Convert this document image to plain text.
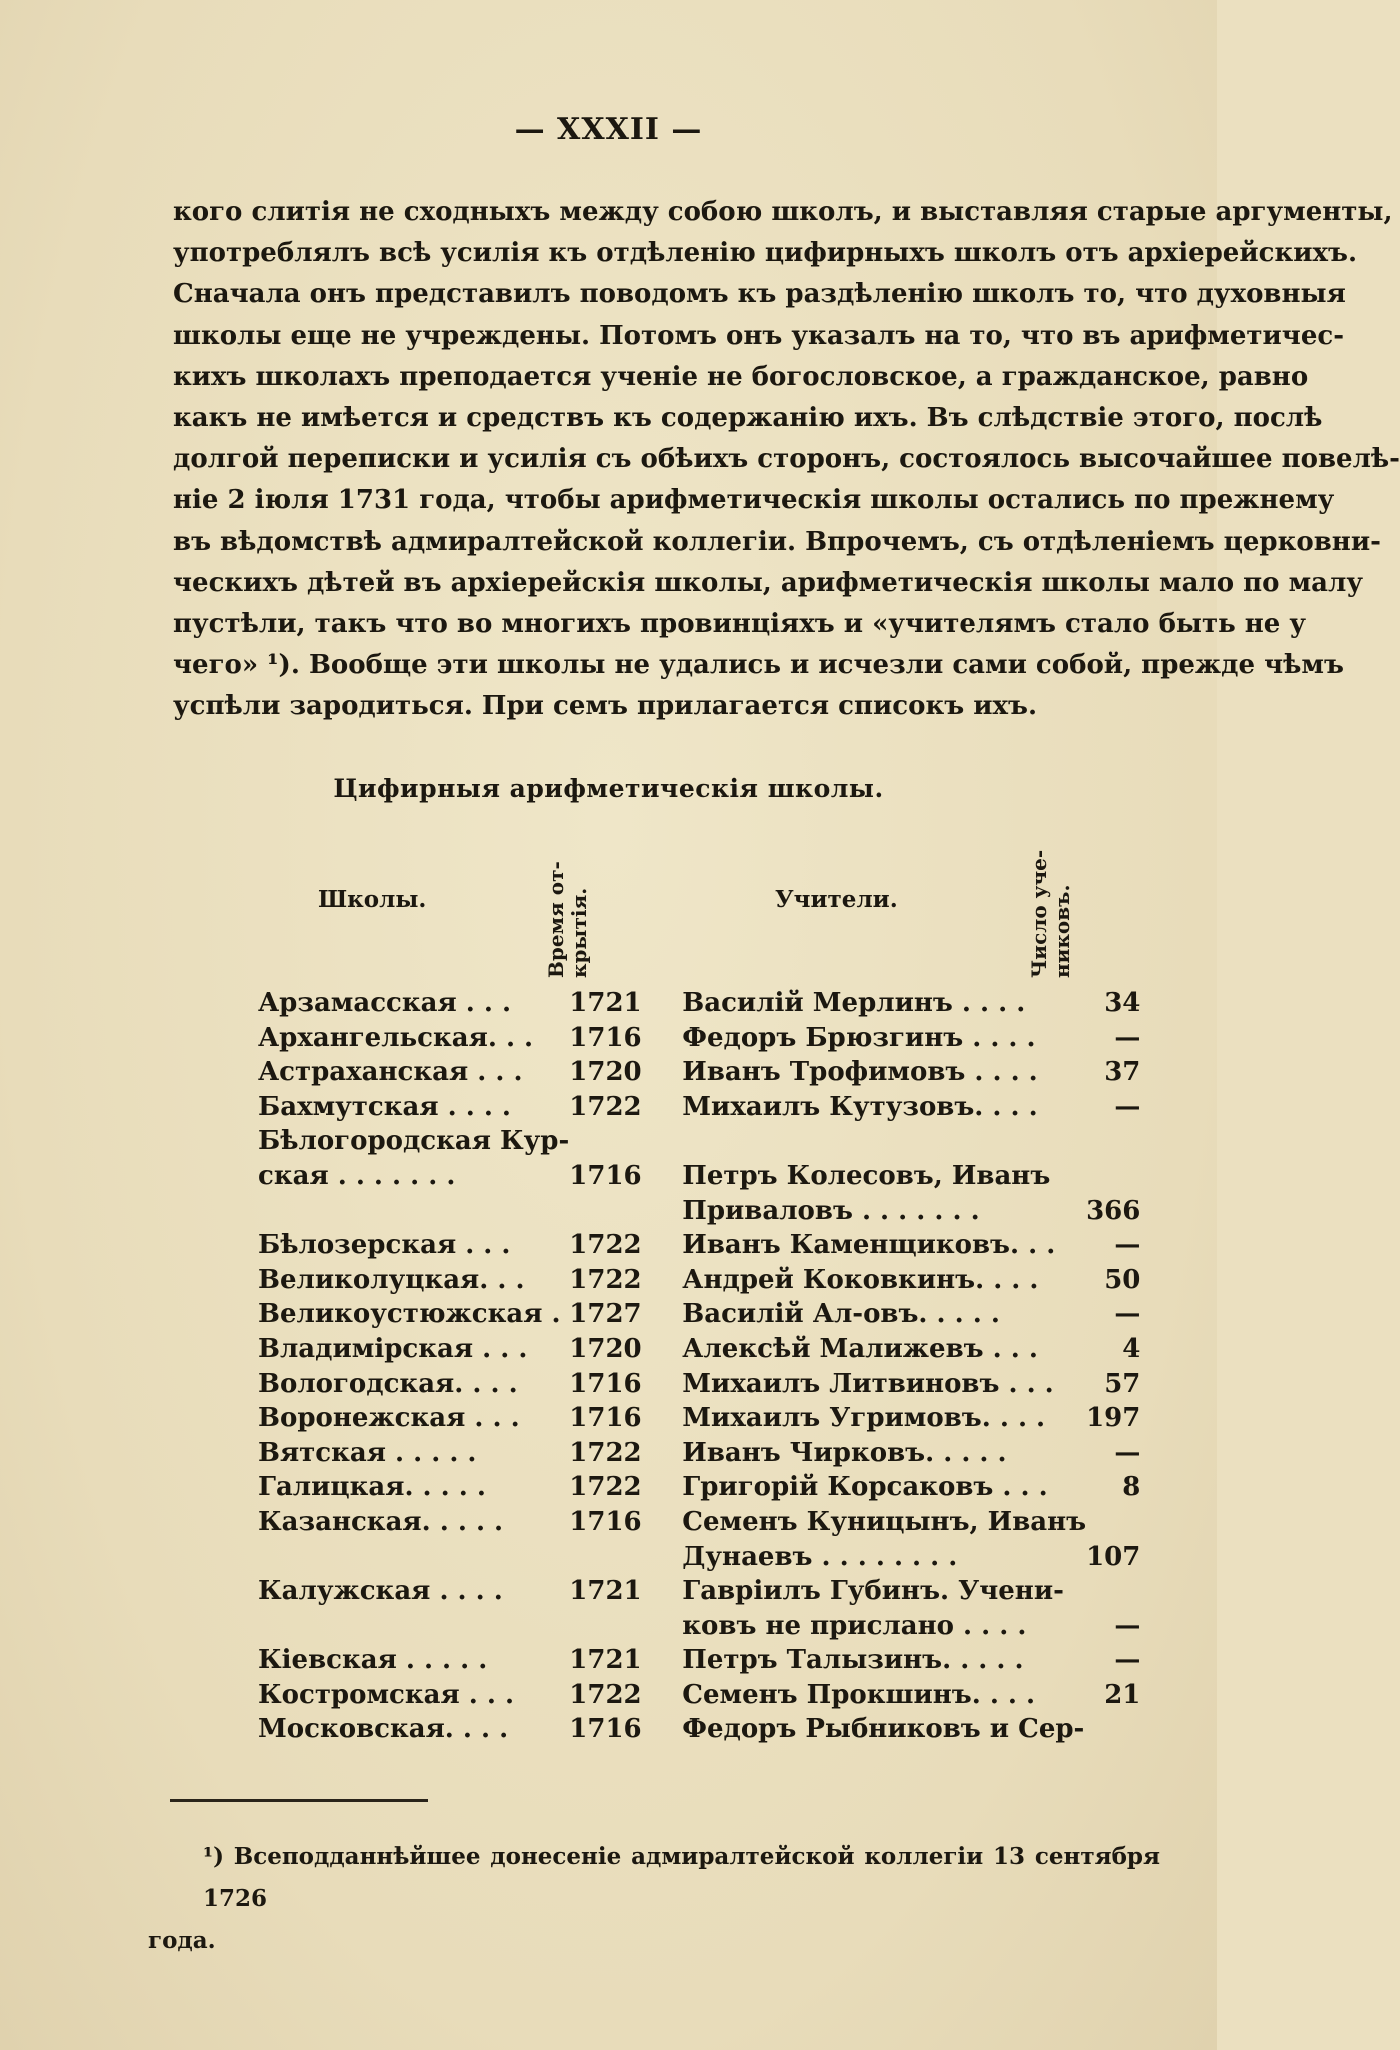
— XXXII —
кого слитія не сходныхъ между собою школъ, и выставляя старые аргументы,
употреблялъ всѣ усилія къ отдѣленію цифирныхъ школъ отъ архіерейскихъ.
Сначала онъ представилъ поводомъ къ раздѣленію школъ то, что духовныя
школы еще не учреждены. Потомъ онъ указалъ на то, что въ арифметичес-
кихъ школахъ преподается ученіе не богословское, а гражданское, равно
какъ не имѣется и средствъ къ содержанію ихъ. Въ слѣдствіе этого, послѣ
долгой переписки и усилія съ обѣихъ сторонъ, состоялось высочайшее повелѣ-
ніе 2 іюля 1731 года, чтобы арифметическія школы остались по прежнему
въ вѣдомствѣ адмиралтейской коллегіи. Впрочемъ, съ отдѣленіемъ церковни-
ческихъ дѣтей въ архіерейскія школы, арифметическія школы мало по малу
пустѣли, такъ что во многихъ провинціяхъ и «учителямъ стало быть не у
чего» ¹). Вообще эти школы не удались и исчезли сами собой, прежде чѣмъ
успѣли зародиться. При семъ прилагается списокъ ихъ.
Цифирныя арифметическія школы.
Школы.	Время от- крытія.	Учители.	Число уче- никовъ.
Арзамасская . . .	1721	Василій Мерлинъ . . . .	34
Архангельская. . .	1716	Федоръ Брюзгинъ . . . .	—
Астраханская . . .	1720	Иванъ Трофимовъ . . . .	37
Бахмутская . . . .	1722	Михаилъ Кутузовъ. . . .	—
Бѣлогородская Кур-			
ская . . . . . . .	1716	Петръ Колесовъ, Иванъ	
		Приваловъ . . . . . . .	366
Бѣлозерская . . .	1722	Иванъ Каменщиковъ. . .	—
Великолуцкая. . .	1722	Андрей Коковкинъ. . . .	50
Великоустюжская .	1727	Василій Ал-овъ. . . . .	—
Владимірская . . .	1720	Алексѣй Малижевъ . . .	4
Вологодская. . . .	1716	Михаилъ Литвиновъ . . .	57
Воронежская . . .	1716	Михаилъ Угримовъ. . . .	197
Вятская . . . . .	1722	Иванъ Чирковъ. . . . .	—
Галицкая. . . . .	1722	Григорій Корсаковъ . . .	8
Казанская. . . . .	1716	Семенъ Куницынъ, Иванъ	
		Дунаевъ . . . . . . . .	107
Калужская . . . .	1721	Гавріилъ Губинъ. Учени-	
		ковъ не прислано . . . .	—
Кіевская . . . . .	1721	Петръ Талызинъ. . . . .	—
Костромская . . .	1722	Семенъ Прокшинъ. . . .	21
Московская. . . .	1716	Федоръ Рыбниковъ и Сер-	
¹) Всеподданнѣйшее донесеніе адмиралтейской коллегіи 13 сентября 1726
года.
